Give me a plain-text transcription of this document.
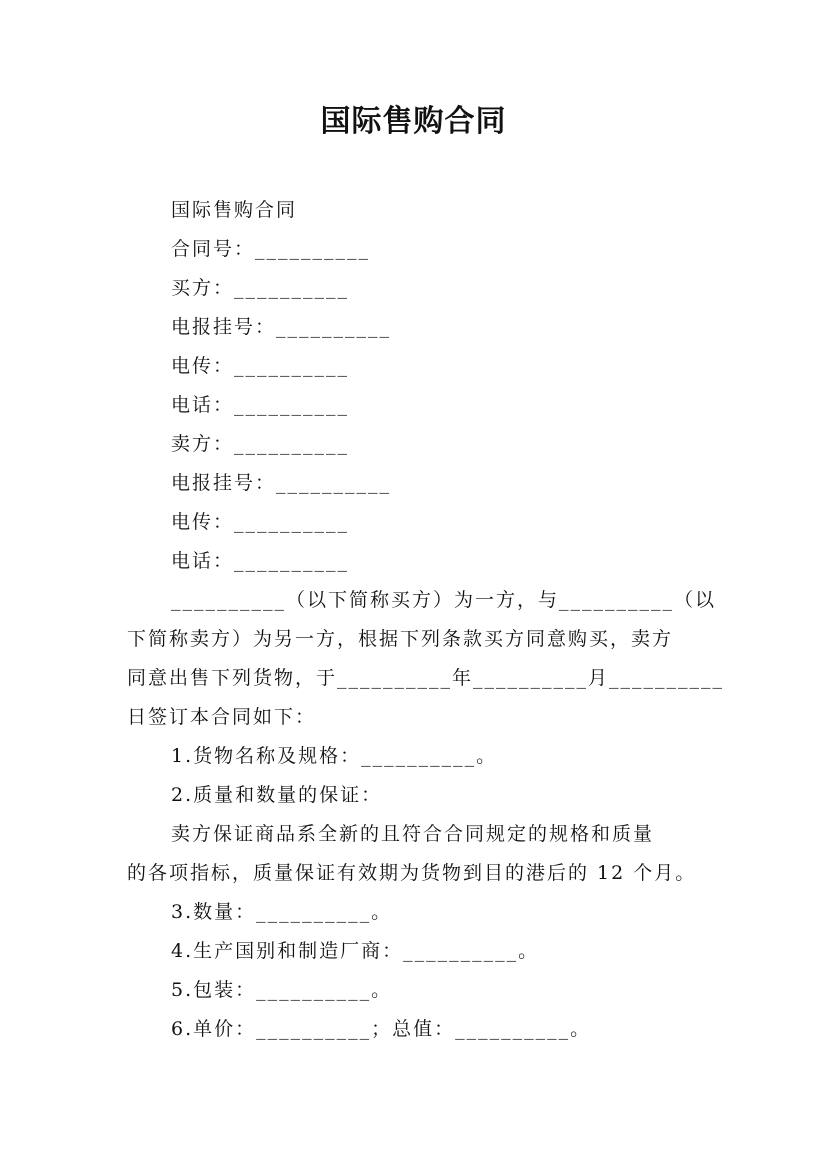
国际售购合同
国际售购合同
合同号：__________
买方：__________
电报挂号：__________
电传：__________
电话：__________
卖方：__________
电报挂号：__________
电传：__________
电话：__________
__________（以下简称买方）为一方，与__________（以
下简称卖方）为另一方，根据下列条款买方同意购买，卖方
同意出售下列货物，于__________年__________月__________
日签订本合同如下：
1.货物名称及规格：__________。
2.质量和数量的保证：
卖方保证商品系全新的且符合合同规定的规格和质量
的各项指标，质量保证有效期为货物到目的港后的 12 个月。
3.数量：__________。
4.生产国别和制造厂商：__________。
5.包装：__________。
6.单价：__________；总值：__________。
